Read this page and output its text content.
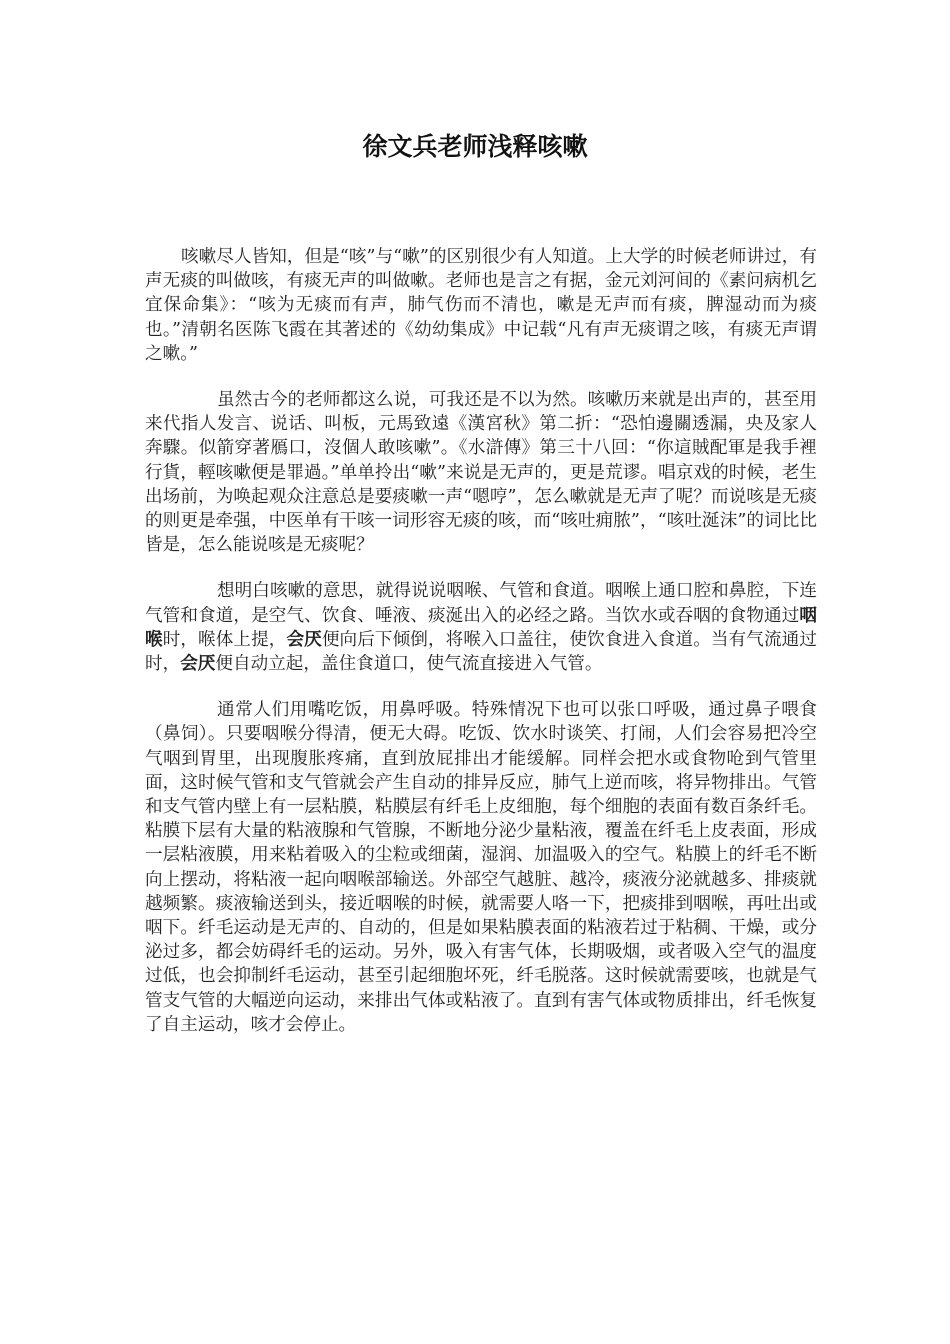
徐文兵老师浅释咳嗽

咳嗽尽人皆知，但是“咳”与“嗽”的区别很少有人知道。上大学的时候老师讲过，有声无痰的叫做咳，有痰无声的叫做嗽。老师也是言之有据，金元刘河间的《素问病机乞宜保命集》：“咳为无痰而有声，肺气伤而不清也，嗽是无声而有痰，脾湿动而为痰也。”清朝名医陈飞霞在其著述的《幼幼集成》中记载“凡有声无痰谓之咳，有痰无声谓之嗽。”

虽然古今的老师都这么说，可我还是不以为然。咳嗽历来就是出声的，甚至用来代指人发言、说话、叫板，元馬致遠《漢宮秋》第二折：“恐怕邊關透漏，央及家人奔驟。似箭穿著鴈口，沒個人敢咳嗽”。《水滸傳》第三十八回：“你這賊配軍是我手裡行貨，輕咳嗽便是罪過。”单单拎出“嗽”来说是无声的，更是荒谬。唱京戏的时候，老生出场前，为唤起观众注意总是要痰嗽一声“嗯哼”，怎么嗽就是无声了呢？而说咳是无痰的则更是牵强，中医单有干咳一词形容无痰的咳，而“咳吐痈脓”，“咳吐涎沫”的词比比皆是，怎么能说咳是无痰呢？

想明白咳嗽的意思，就得说说咽喉、气管和食道。咽喉上通口腔和鼻腔，下连气管和食道，是空气、饮食、唾液、痰涎出入的必经之路。当饮水或吞咽的食物通过咽喉时，喉体上提，会厌便向后下倾倒，将喉入口盖往，使饮食进入食道。当有气流通过时，会厌便自动立起，盖住食道口，使气流直接进入气管。

通常人们用嘴吃饭，用鼻呼吸。特殊情况下也可以张口呼吸，通过鼻子喂食（鼻饲）。只要咽喉分得清，便无大碍。吃饭、饮水时谈笑、打闹，人们会容易把冷空气咽到胃里，出现腹胀疼痛，直到放屁排出才能缓解。同样会把水或食物呛到气管里面，这时候气管和支气管就会产生自动的排异反应，肺气上逆而咳，将异物排出。气管和支气管内壁上有一层粘膜，粘膜层有纤毛上皮细胞，每个细胞的表面有数百条纤毛。粘膜下层有大量的粘液腺和气管腺，不断地分泌少量粘液，覆盖在纤毛上皮表面，形成一层粘液膜，用来粘着吸入的尘粒或细菌，湿润、加温吸入的空气。粘膜上的纤毛不断向上摆动，将粘液一起向咽喉部输送。外部空气越脏、越冷，痰液分泌就越多、排痰就越频繁。痰液输送到头，接近咽喉的时候，就需要人咯一下，把痰排到咽喉，再吐出或咽下。纤毛运动是无声的、自动的，但是如果粘膜表面的粘液若过于粘稠、干燥，或分泌过多，都会妨碍纤毛的运动。另外，吸入有害气体，长期吸烟，或者吸入空气的温度过低，也会抑制纤毛运动，甚至引起细胞坏死，纤毛脱落。这时候就需要咳，也就是气管支气管的大幅逆向运动，来排出气体或粘液了。直到有害气体或物质排出，纤毛恢复了自主运动，咳才会停止。
